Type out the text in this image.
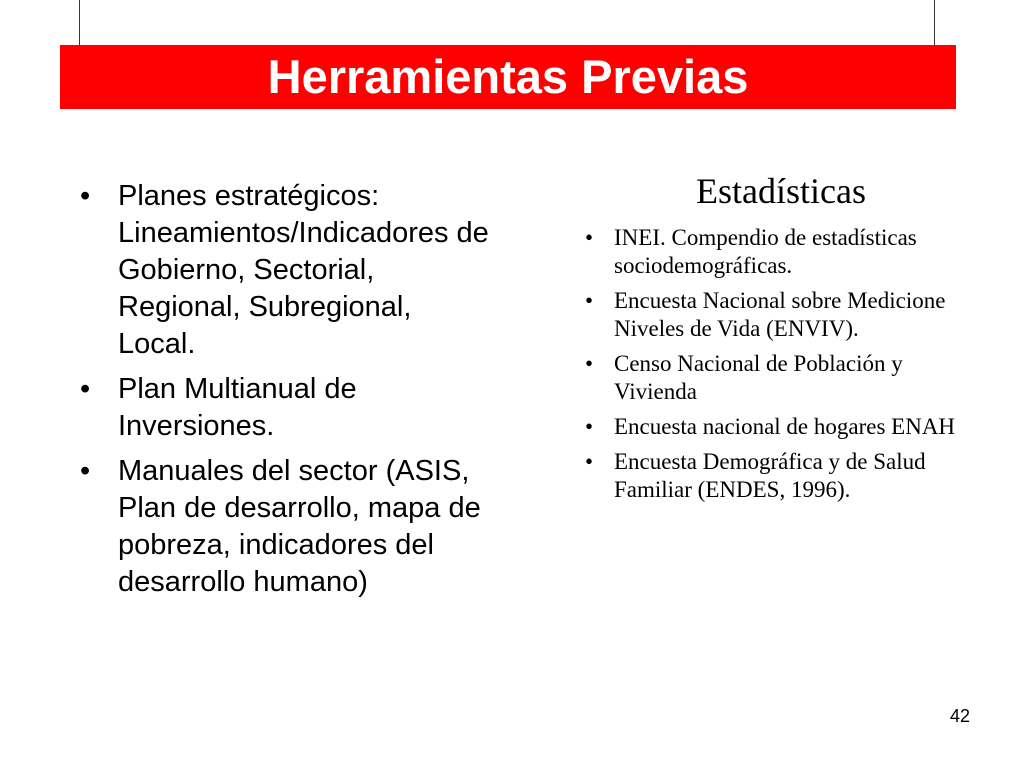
Herramientas Previas
• Planes estratégicos:
Lineamientos/Indicadores de
Gobierno, Sectorial,
Regional, Subregional,
Local.
• Plan Multianual de
Inversiones.
• Manuales del sector (ASIS,
Plan de desarrollo, mapa de
pobreza, indicadores del
desarrollo humano)
Estadísticas
• INEI. Compendio de estadísticas
sociodemográficas.
• Encuesta Nacional sobre Medicione
Niveles de Vida (ENVIV).
• Censo Nacional de Población y
Vivienda
• Encuesta nacional de hogares ENAH
• Encuesta Demográfica y de Salud
Familiar (ENDES, 1996).
42
